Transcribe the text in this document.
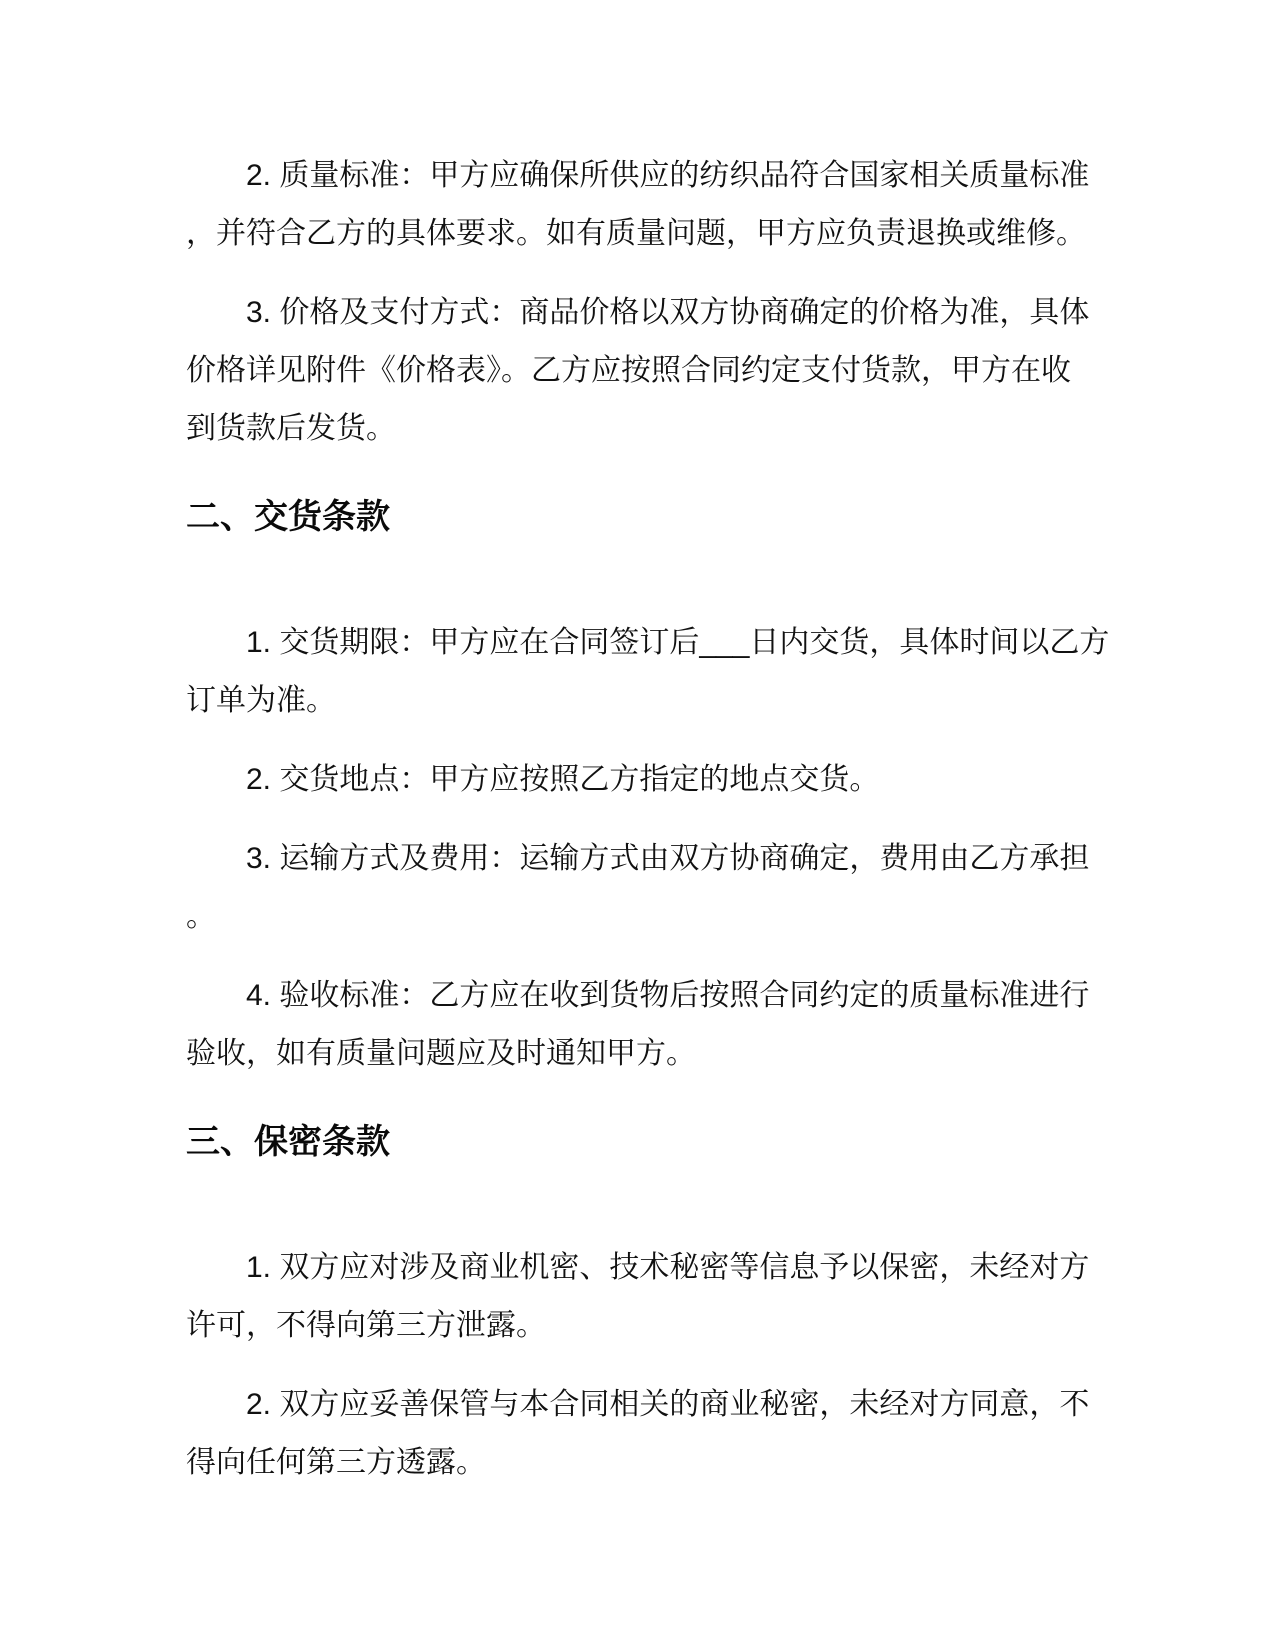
2. 质量标准：甲方应确保所供应的纺织品符合国家相关质量标准
，并符合乙方的具体要求。如有质量问题，甲方应负责退换或维修。

3. 价格及支付方式：商品价格以双方协商确定的价格为准，具体
价格详见附件《价格表》。乙方应按照合同约定支付货款，甲方在收
到货款后发货。

二、交货条款

1. 交货期限：甲方应在合同签订后___日内交货，具体时间以乙方
订单为准。

2. 交货地点：甲方应按照乙方指定的地点交货。

3. 运输方式及费用：运输方式由双方协商确定，费用由乙方承担
。

4. 验收标准：乙方应在收到货物后按照合同约定的质量标准进行
验收，如有质量问题应及时通知甲方。

三、保密条款

1. 双方应对涉及商业机密、技术秘密等信息予以保密，未经对方
许可，不得向第三方泄露。

2. 双方应妥善保管与本合同相关的商业秘密，未经对方同意，不
得向任何第三方透露。
